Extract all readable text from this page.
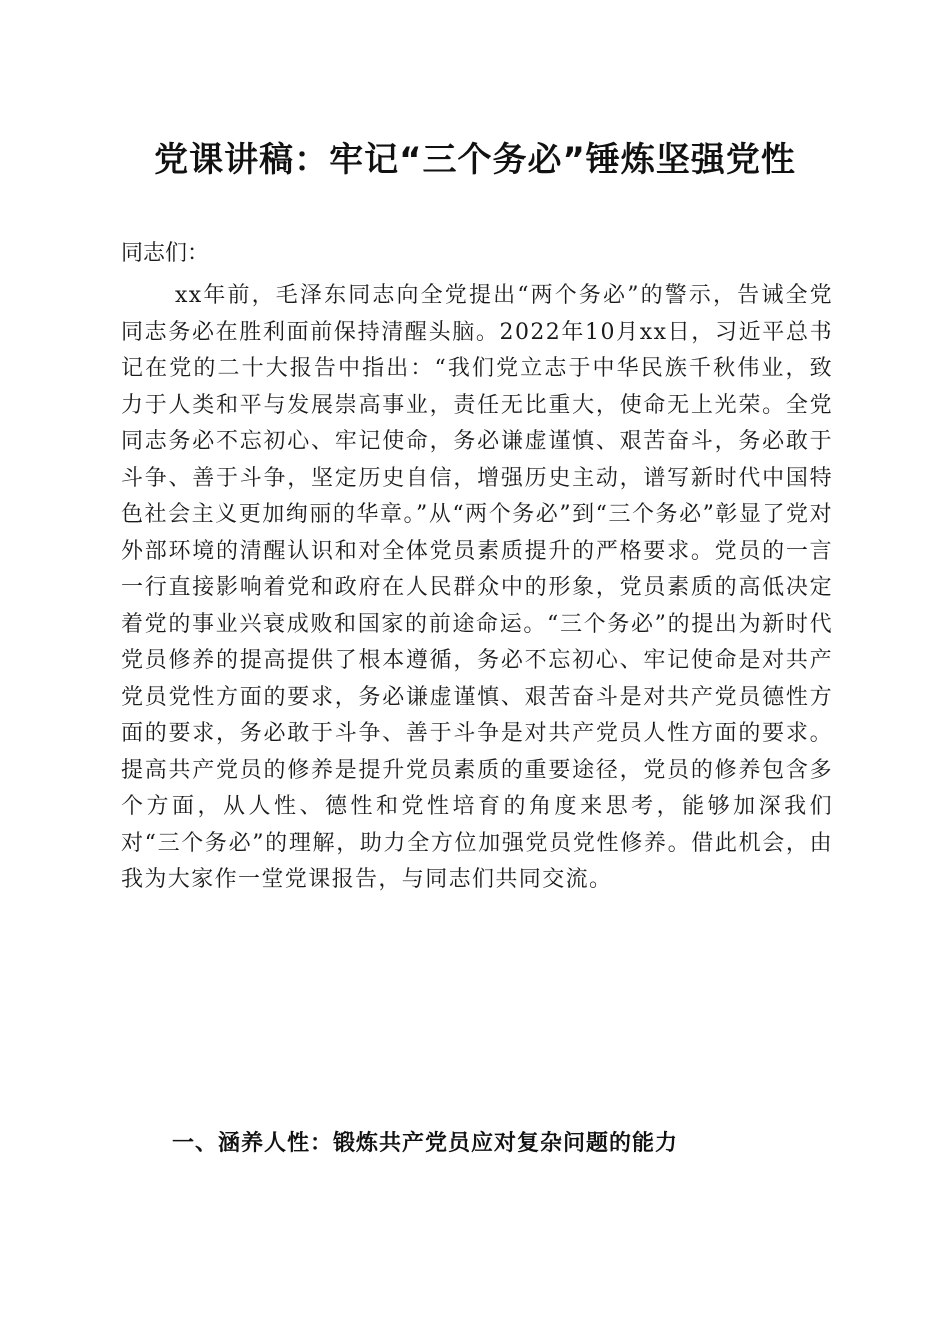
党课讲稿：牢记“三个务必”锤炼坚强党性

同志们：

xx年前，毛泽东同志向全党提出“两个务必”的警示，告诫全党同志务必在胜利面前保持清醒头脑。2022年10月xx日，习近平总书记在党的二十大报告中指出：“我们党立志于中华民族千秋伟业，致力于人类和平与发展崇高事业，责任无比重大，使命无上光荣。全党同志务必不忘初心、牢记使命，务必谦虚谨慎、艰苦奋斗，务必敢于斗争、善于斗争，坚定历史自信，增强历史主动，谱写新时代中国特色社会主义更加绚丽的华章。”从“两个务必”到“三个务必”彰显了党对外部环境的清醒认识和对全体党员素质提升的严格要求。党员的一言一行直接影响着党和政府在人民群众中的形象，党员素质的高低决定着党的事业兴衰成败和国家的前途命运。“三个务必”的提出为新时代党员修养的提高提供了根本遵循，务必不忘初心、牢记使命是对共产党员党性方面的要求，务必谦虚谨慎、艰苦奋斗是对共产党员德性方面的要求，务必敢于斗争、善于斗争是对共产党员人性方面的要求。提高共产党员的修养是提升党员素质的重要途径，党员的修养包含多个方面，从人性、德性和党性培育的角度来思考，能够加深我们对“三个务必”的理解，助力全方位加强党员党性修养。借此机会，由我为大家作一堂党课报告，与同志们共同交流。

一、涵养人性：锻炼共产党员应对复杂问题的能力
